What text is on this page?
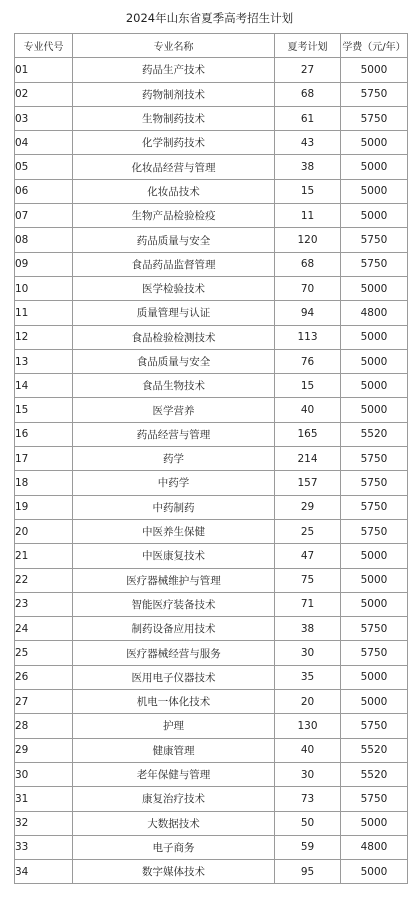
2024年山东省夏季高考招生计划
专业代号	专业名称	夏考计划	学费（元/年）
01	药品生产技术	27	5000
02	药物制剂技术	68	5750
03	生物制药技术	61	5750
04	化学制药技术	43	5000
05	化妆品经营与管理	38	5000
06	化妆品技术	15	5000
07	生物产品检验检疫	11	5000
08	药品质量与安全	120	5750
09	食品药品监督管理	68	5750
10	医学检验技术	70	5000
11	质量管理与认证	94	4800
12	食品检验检测技术	113	5000
13	食品质量与安全	76	5000
14	食品生物技术	15	5000
15	医学营养	40	5000
16	药品经营与管理	165	5520
17	药学	214	5750
18	中药学	157	5750
19	中药制药	29	5750
20	中医养生保健	25	5750
21	中医康复技术	47	5000
22	医疗器械维护与管理	75	5000
23	智能医疗装备技术	71	5000
24	制药设备应用技术	38	5750
25	医疗器械经营与服务	30	5750
26	医用电子仪器技术	35	5000
27	机电一体化技术	20	5000
28	护理	130	5750
29	健康管理	40	5520
30	老年保健与管理	30	5520
31	康复治疗技术	73	5750
32	大数据技术	50	5000
33	电子商务	59	4800
34	数字媒体技术	95	5000
